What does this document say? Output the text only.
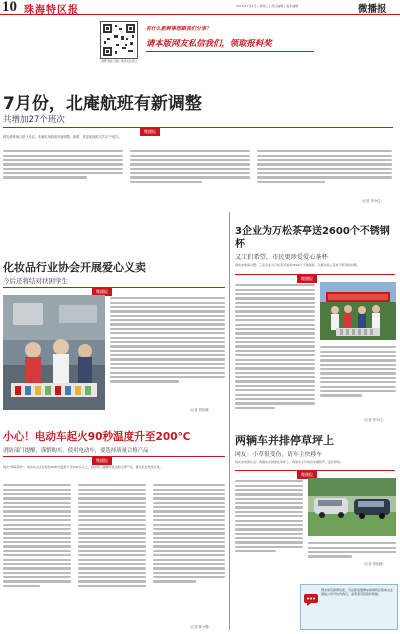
10 珠海特区报	2015年7月1日 | 星期三 | 责任编辑 | 美术编辑	微播报
微博 微信 扫描二维码关注我们
有什么新鲜事想跟我们分享？
请本版网友私信我们，领取报料奖
7月份，北庵航班有新调整
共增加27个班次
微播报
网友@珠海日报·7月起，北庵机场航班有新调整，新增、恢复航线班次共27个班次。
（记者 李小红）
化妆品行业协会开展爱心义卖
今后还将结对扶困学生
微播报
（记者 刘怡静）
小心！电动车起火90秒温度升至200℃
消防部门提醒，谨慎购买、使用电动车，要选择质量合格产品
微播报
网友"珠海消防"：电动车火灾在短短90秒内温度升至200℃以上，消防部门提醒市民选购正规产品，避免私拉电线充电。
（记者 陈小强）
3企业为万松茶亭送2600个不锈钢杯
义工们希望，市民更珍爱爱心茶杯
网友@珠海交警：三家企业为万松茶亭送来2600个不锈钢杯，以解决爱心茶杯不够用的问题。
微播报
（记者 李小红）
两辆车并排停草坪上
网友：小草很受伤，请车主快移车
网友@珠海生活：两辆车并排停在草坪上，希望车主尽快将车辆移开，爱护绿地。
微播报
（记者 刘怡静）
网友如有新闻线索，可在新浪微博@珠海特区报或关注微信公众号告诉我们，采用者可获报料奖励。
